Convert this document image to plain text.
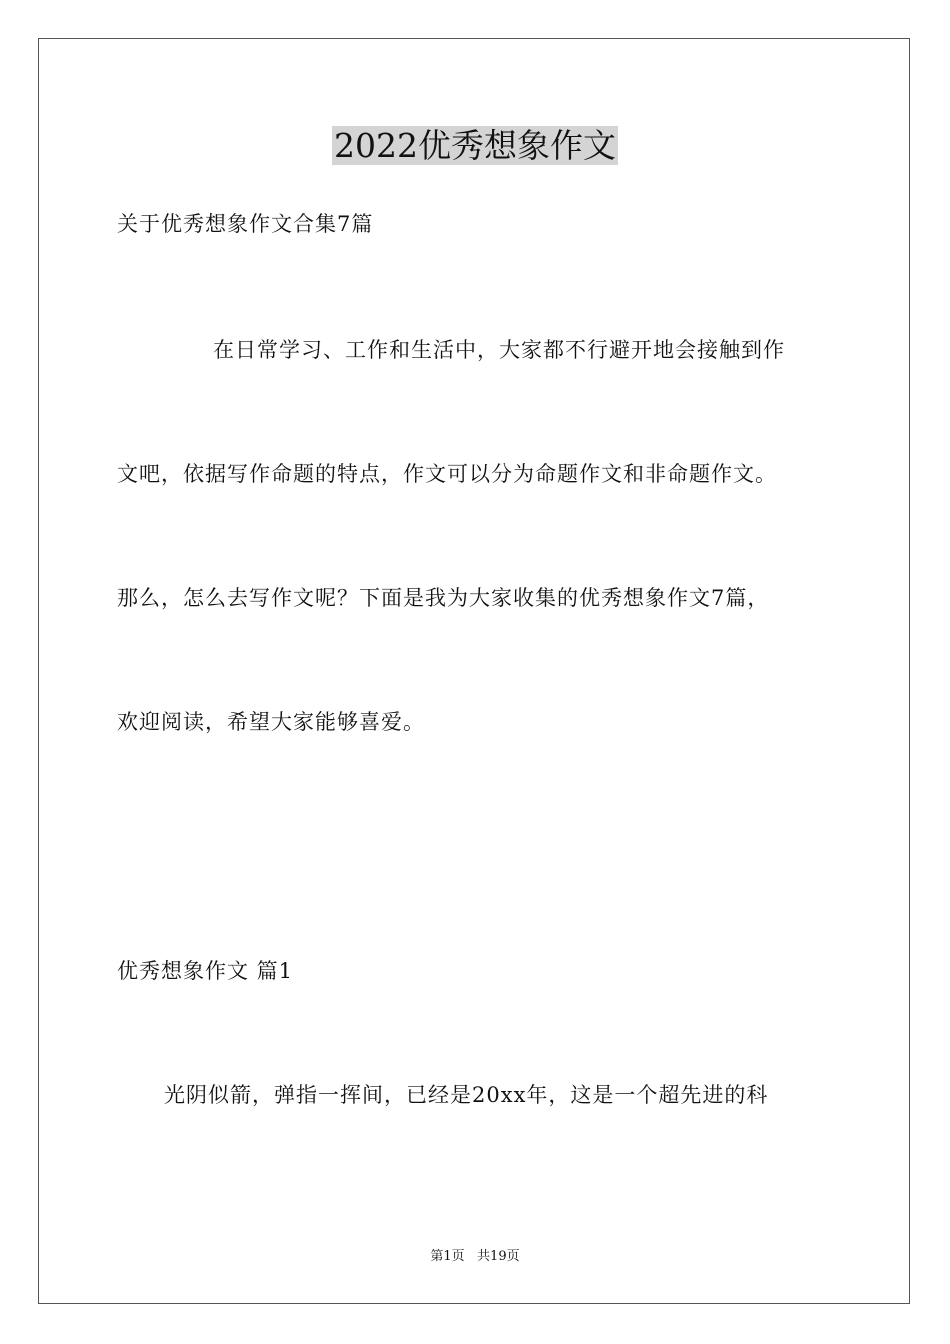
2022优秀想象作文
关于优秀想象作文合集7篇
在日常学习、工作和生活中，大家都不行避开地会接触到作
文吧，依据写作命题的特点，作文可以分为命题作文和非命题作文。
那么，怎么去写作文呢？下面是我为大家收集的优秀想象作文7篇，
欢迎阅读，希望大家能够喜爱。
优秀想象作文 篇1
光阴似箭，弹指一挥间，已经是20xx年，这是一个超先进的科
第1页   共19页
